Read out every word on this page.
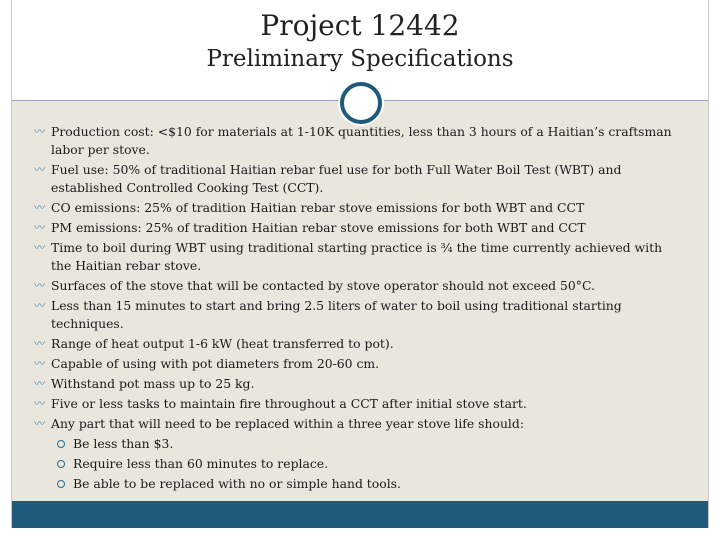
Project 12442
Preliminary Specifications
〰 Production cost: <$10 for materials at 1-10K quantities, less than 3 hours of a Haitian’s craftsman labor per stove.
〰 Fuel use: 50% of traditional Haitian rebar fuel use for both Full Water Boil Test (WBT) and established Controlled Cooking Test (CCT).
〰 CO emissions: 25% of tradition Haitian rebar stove emissions for both WBT and CCT
〰 PM emissions: 25% of tradition Haitian rebar stove emissions for both WBT and CCT
〰 Time to boil during WBT using traditional starting practice is ¾ the time currently achieved with the Haitian rebar stove.
〰 Surfaces of the stove that will be contacted by stove operator should not exceed 50°C.
〰 Less than 15 minutes to start and bring 2.5 liters of water to boil using traditional starting techniques.
〰 Range of heat output 1-6 kW (heat transferred to pot).
〰 Capable of using with pot diameters from 20-60 cm.
〰 Withstand pot mass up to 25 kg.
〰 Five or less tasks to maintain fire throughout a CCT after initial stove start.
〰 Any part that will need to be replaced within a three year stove life should:
Be less than $3.
Require less than 60 minutes to replace.
Be able to be replaced with no or simple hand tools.
